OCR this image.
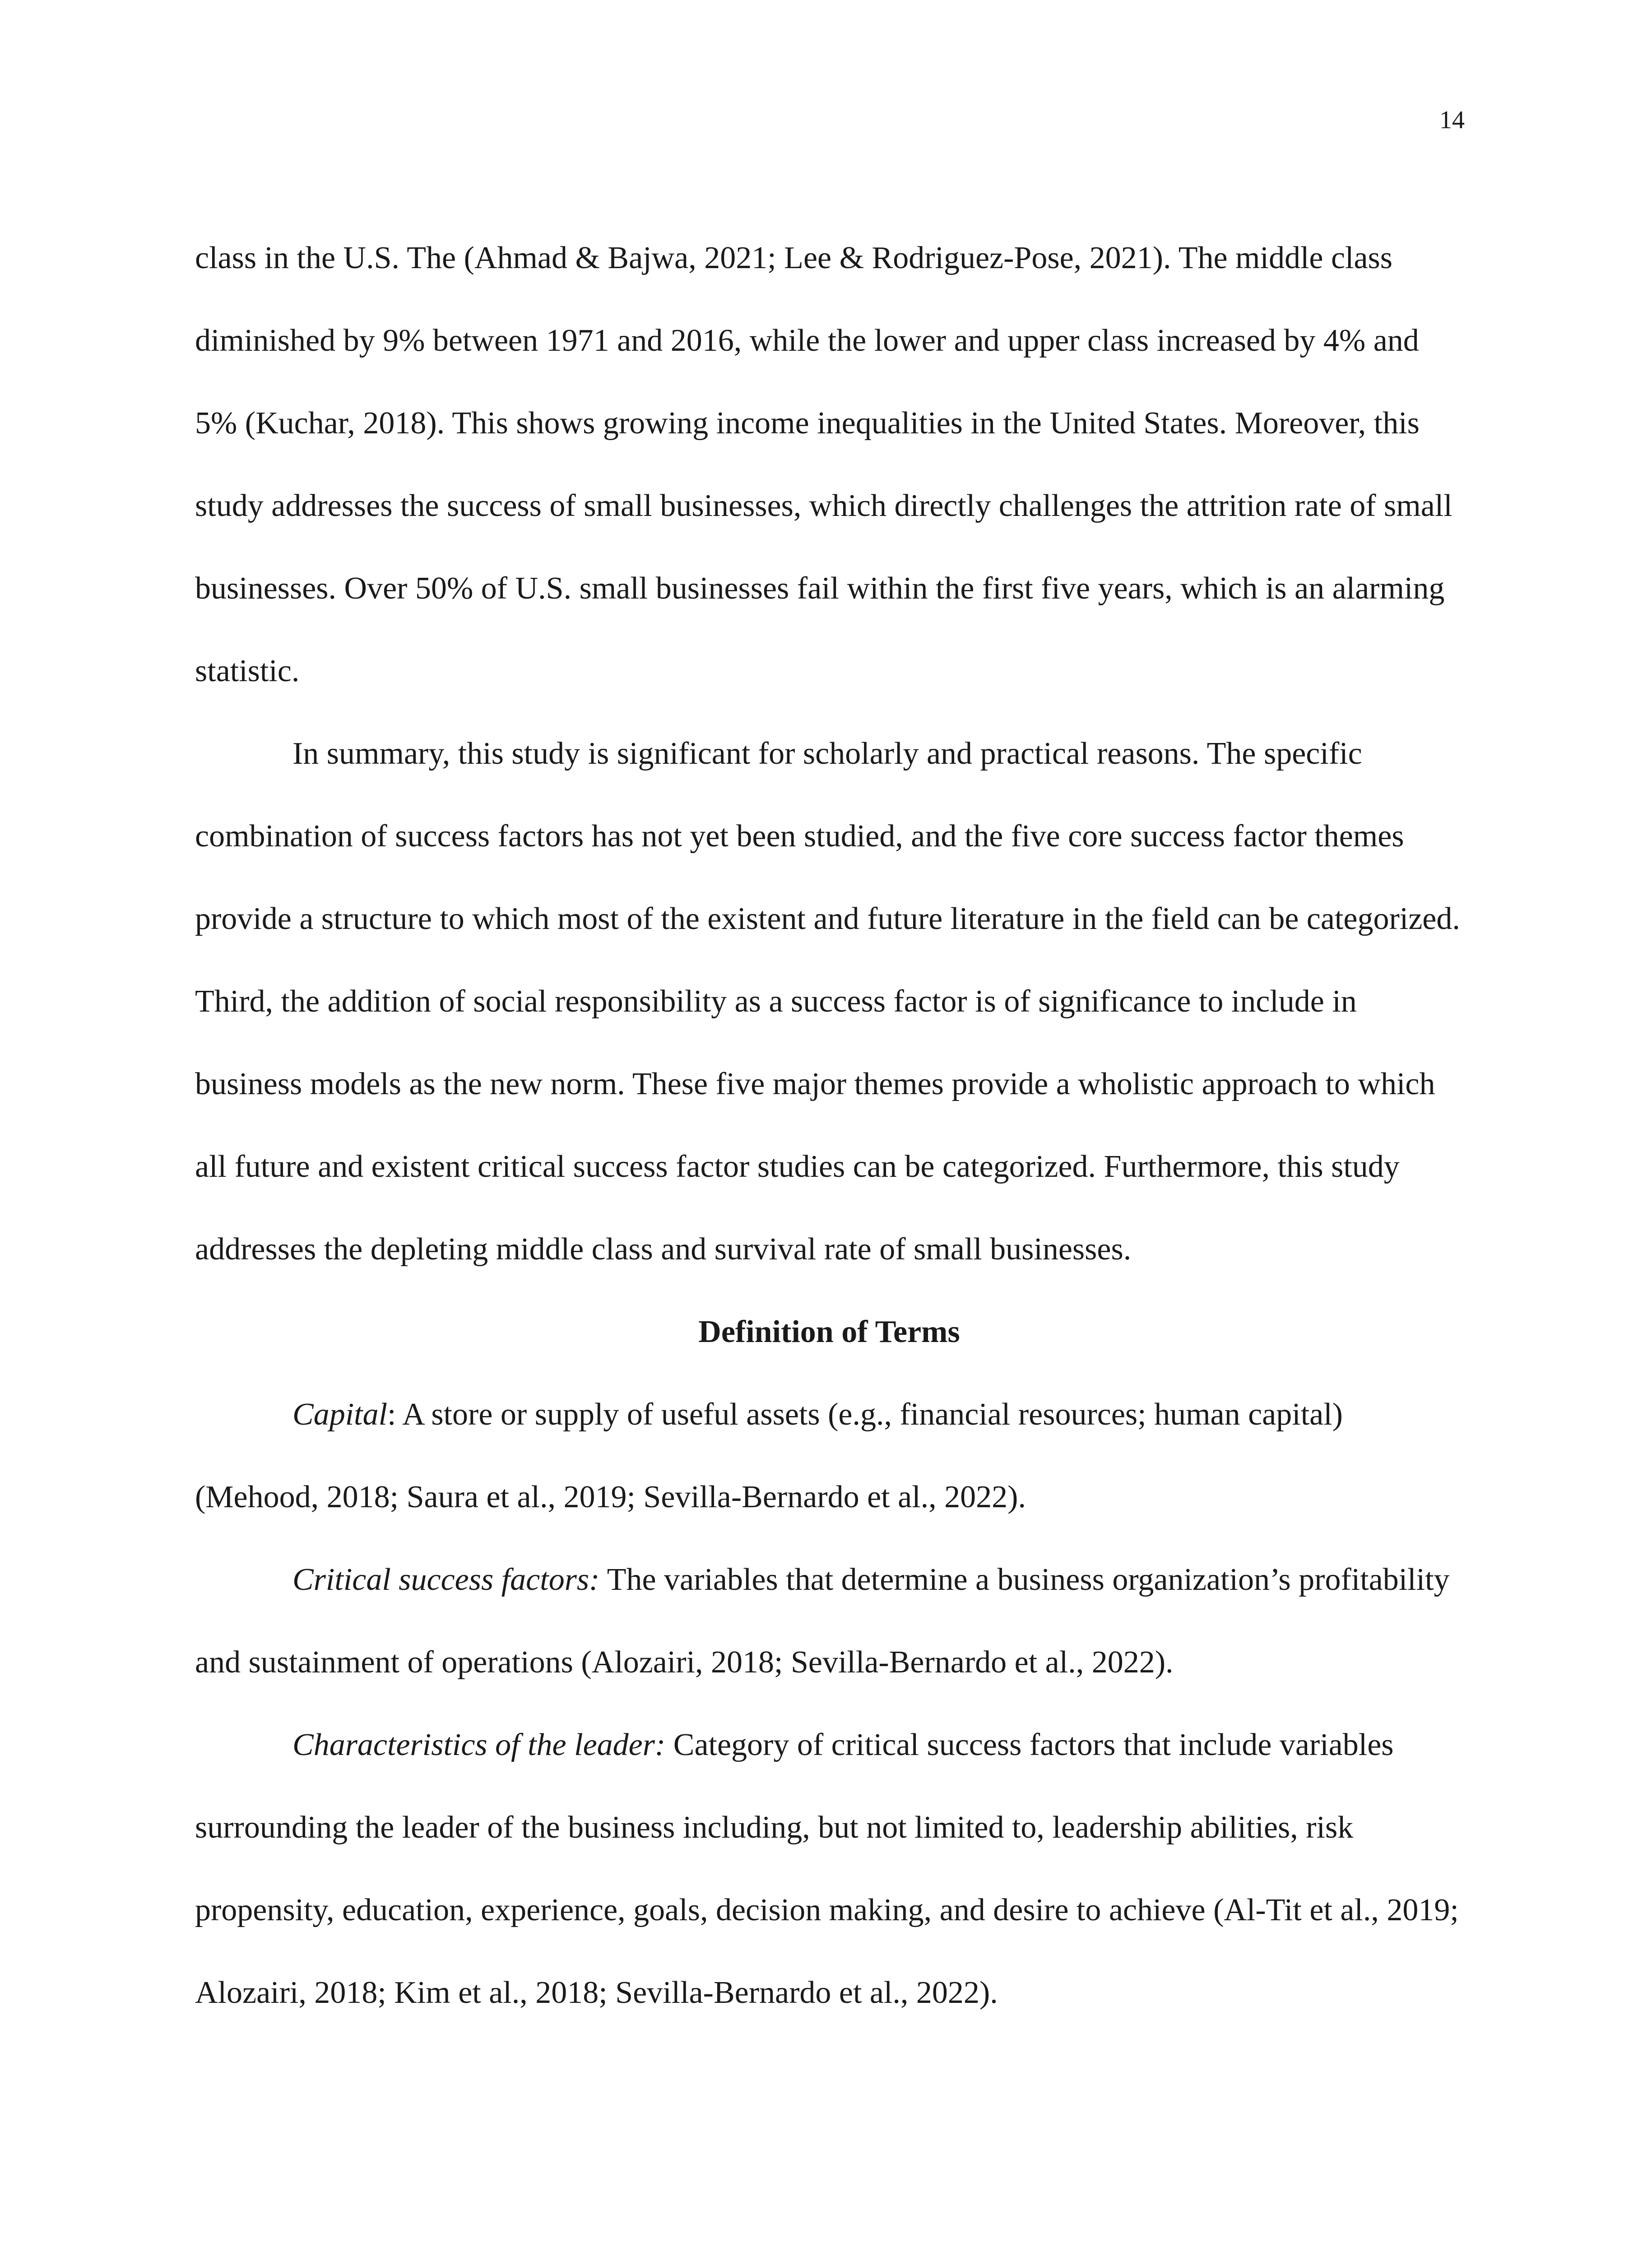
14

class in the U.S. The (Ahmad & Bajwa, 2021; Lee & Rodriguez-Pose, 2021). The middle class diminished by 9% between 1971 and 2016, while the lower and upper class increased by 4% and 5% (Kuchar, 2018). This shows growing income inequalities in the United States. Moreover, this study addresses the success of small businesses, which directly challenges the attrition rate of small businesses. Over 50% of U.S. small businesses fail within the first five years, which is an alarming statistic.

In summary, this study is significant for scholarly and practical reasons. The specific combination of success factors has not yet been studied, and the five core success factor themes provide a structure to which most of the existent and future literature in the field can be categorized. Third, the addition of social responsibility as a success factor is of significance to include in business models as the new norm. These five major themes provide a wholistic approach to which all future and existent critical success factor studies can be categorized. Furthermore, this study addresses the depleting middle class and survival rate of small businesses.

Definition of Terms

Capital: A store or supply of useful assets (e.g., financial resources; human capital) (Mehood, 2018; Saura et al., 2019; Sevilla-Bernardo et al., 2022).

Critical success factors: The variables that determine a business organization’s profitability and sustainment of operations (Alozairi, 2018; Sevilla-Bernardo et al., 2022).

Characteristics of the leader: Category of critical success factors that include variables surrounding the leader of the business including, but not limited to, leadership abilities, risk propensity, education, experience, goals, decision making, and desire to achieve (Al-Tit et al., 2019; Alozairi, 2018; Kim et al., 2018; Sevilla-Bernardo et al., 2022).
